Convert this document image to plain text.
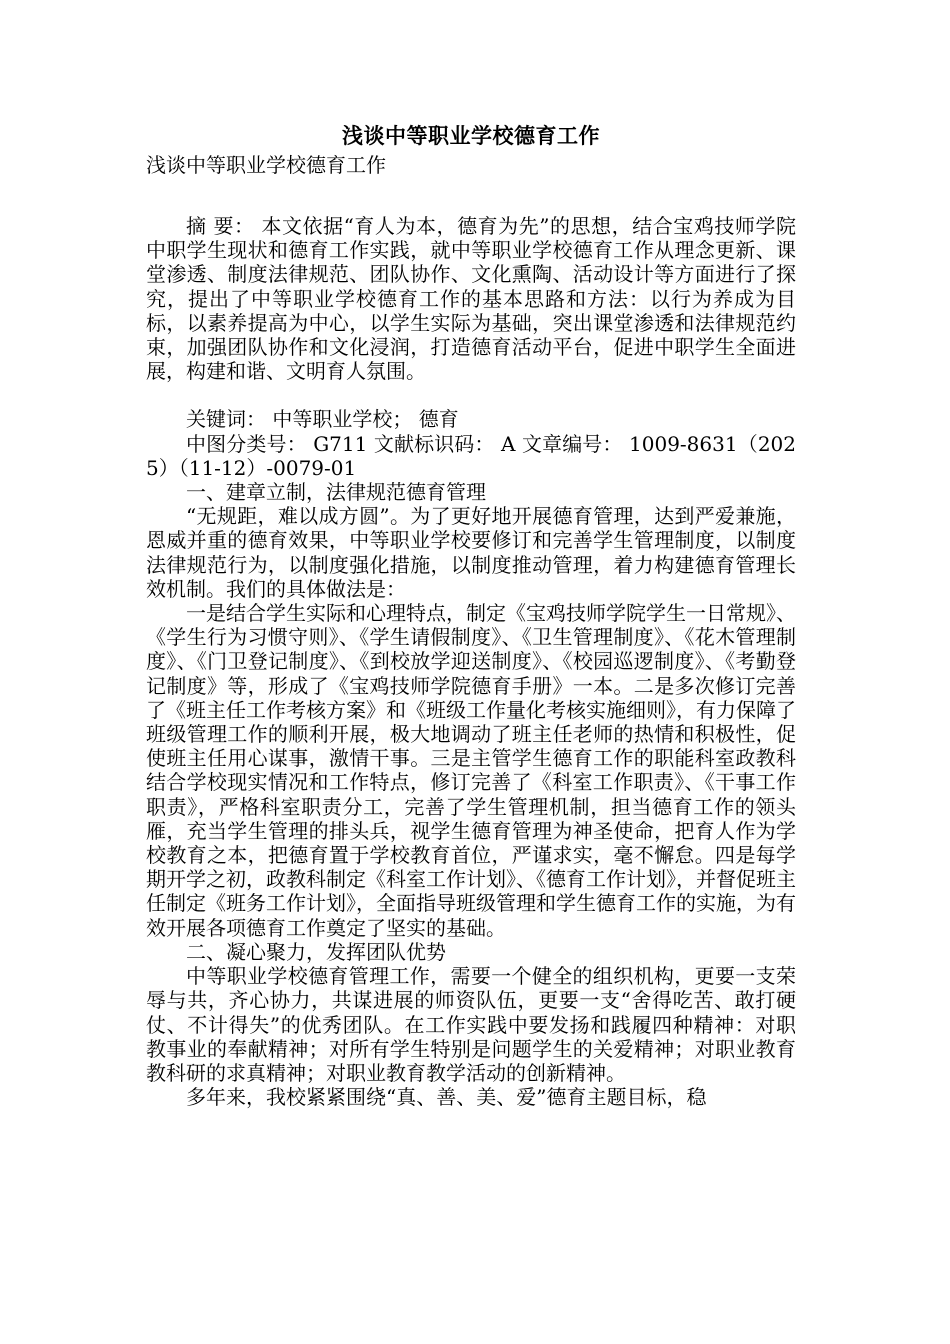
浅谈中等职业学校德育工作

浅谈中等职业学校德育工作

摘 要： 本文依据“育人为本，德育为先”的思想，结合宝鸡技师学院中职学生现状和德育工作实践，就中等职业学校德育工作从理念更新、课堂渗透、制度法律规范、团队协作、文化熏陶、活动设计等方面进行了探究，提出了中等职业学校德育工作的基本思路和方法：以行为养成为目标，以素养提高为中心，以学生实际为基础，突出课堂渗透和法律规范约束，加强团队协作和文化浸润，打造德育活动平台，促进中职学生全面进展，构建和谐、文明育人氛围。

关键词： 中等职业学校； 德育

中图分类号： G711 文献标识码： A 文章编号： 1009-8631（2025）（11-12）-0079-01

一、建章立制，法律规范德育管理

“无规距，难以成方圆”。为了更好地开展德育管理，达到严爱兼施，恩威并重的德育效果，中等职业学校要修订和完善学生管理制度，以制度法律规范行为，以制度强化措施，以制度推动管理，着力构建德育管理长效机制。我们的具体做法是：

一是结合学生实际和心理特点，制定《宝鸡技师学院学生一日常规》、《学生行为习惯守则》、《学生请假制度》、《卫生管理制度》、《花木管理制度》、《门卫登记制度》、《到校放学迎送制度》、《校园巡逻制度》、《考勤登记制度》等，形成了《宝鸡技师学院德育手册》一本。二是多次修订完善了《班主任工作考核方案》和《班级工作量化考核实施细则》，有力保障了班级管理工作的顺利开展，极大地调动了班主任老师的热情和积极性，促使班主任用心谋事，激情干事。三是主管学生德育工作的职能科室政教科结合学校现实情况和工作特点，修订完善了《科室工作职责》、《干事工作职责》，严格科室职责分工，完善了学生管理机制，担当德育工作的领头雁，充当学生管理的排头兵，视学生德育管理为神圣使命，把育人作为学校教育之本，把德育置于学校教育首位，严谨求实，毫不懈怠。四是每学期开学之初，政教科制定《科室工作计划》、《德育工作计划》，并督促班主任制定《班务工作计划》，全面指导班级管理和学生德育工作的实施，为有效开展各项德育工作奠定了坚实的基础。

二、凝心聚力，发挥团队优势

中等职业学校德育管理工作，需要一个健全的组织机构，更要一支荣辱与共，齐心协力，共谋进展的师资队伍，更要一支“舍得吃苦、敢打硬仗、不计得失”的优秀团队。在工作实践中要发扬和践履四种精神：对职教事业的奉献精神；对所有学生特别是问题学生的关爱精神；对职业教育教科研的求真精神；对职业教育教学活动的创新精神。

多年来，我校紧紧围绕“真、善、美、爱”德育主题目标，稳
